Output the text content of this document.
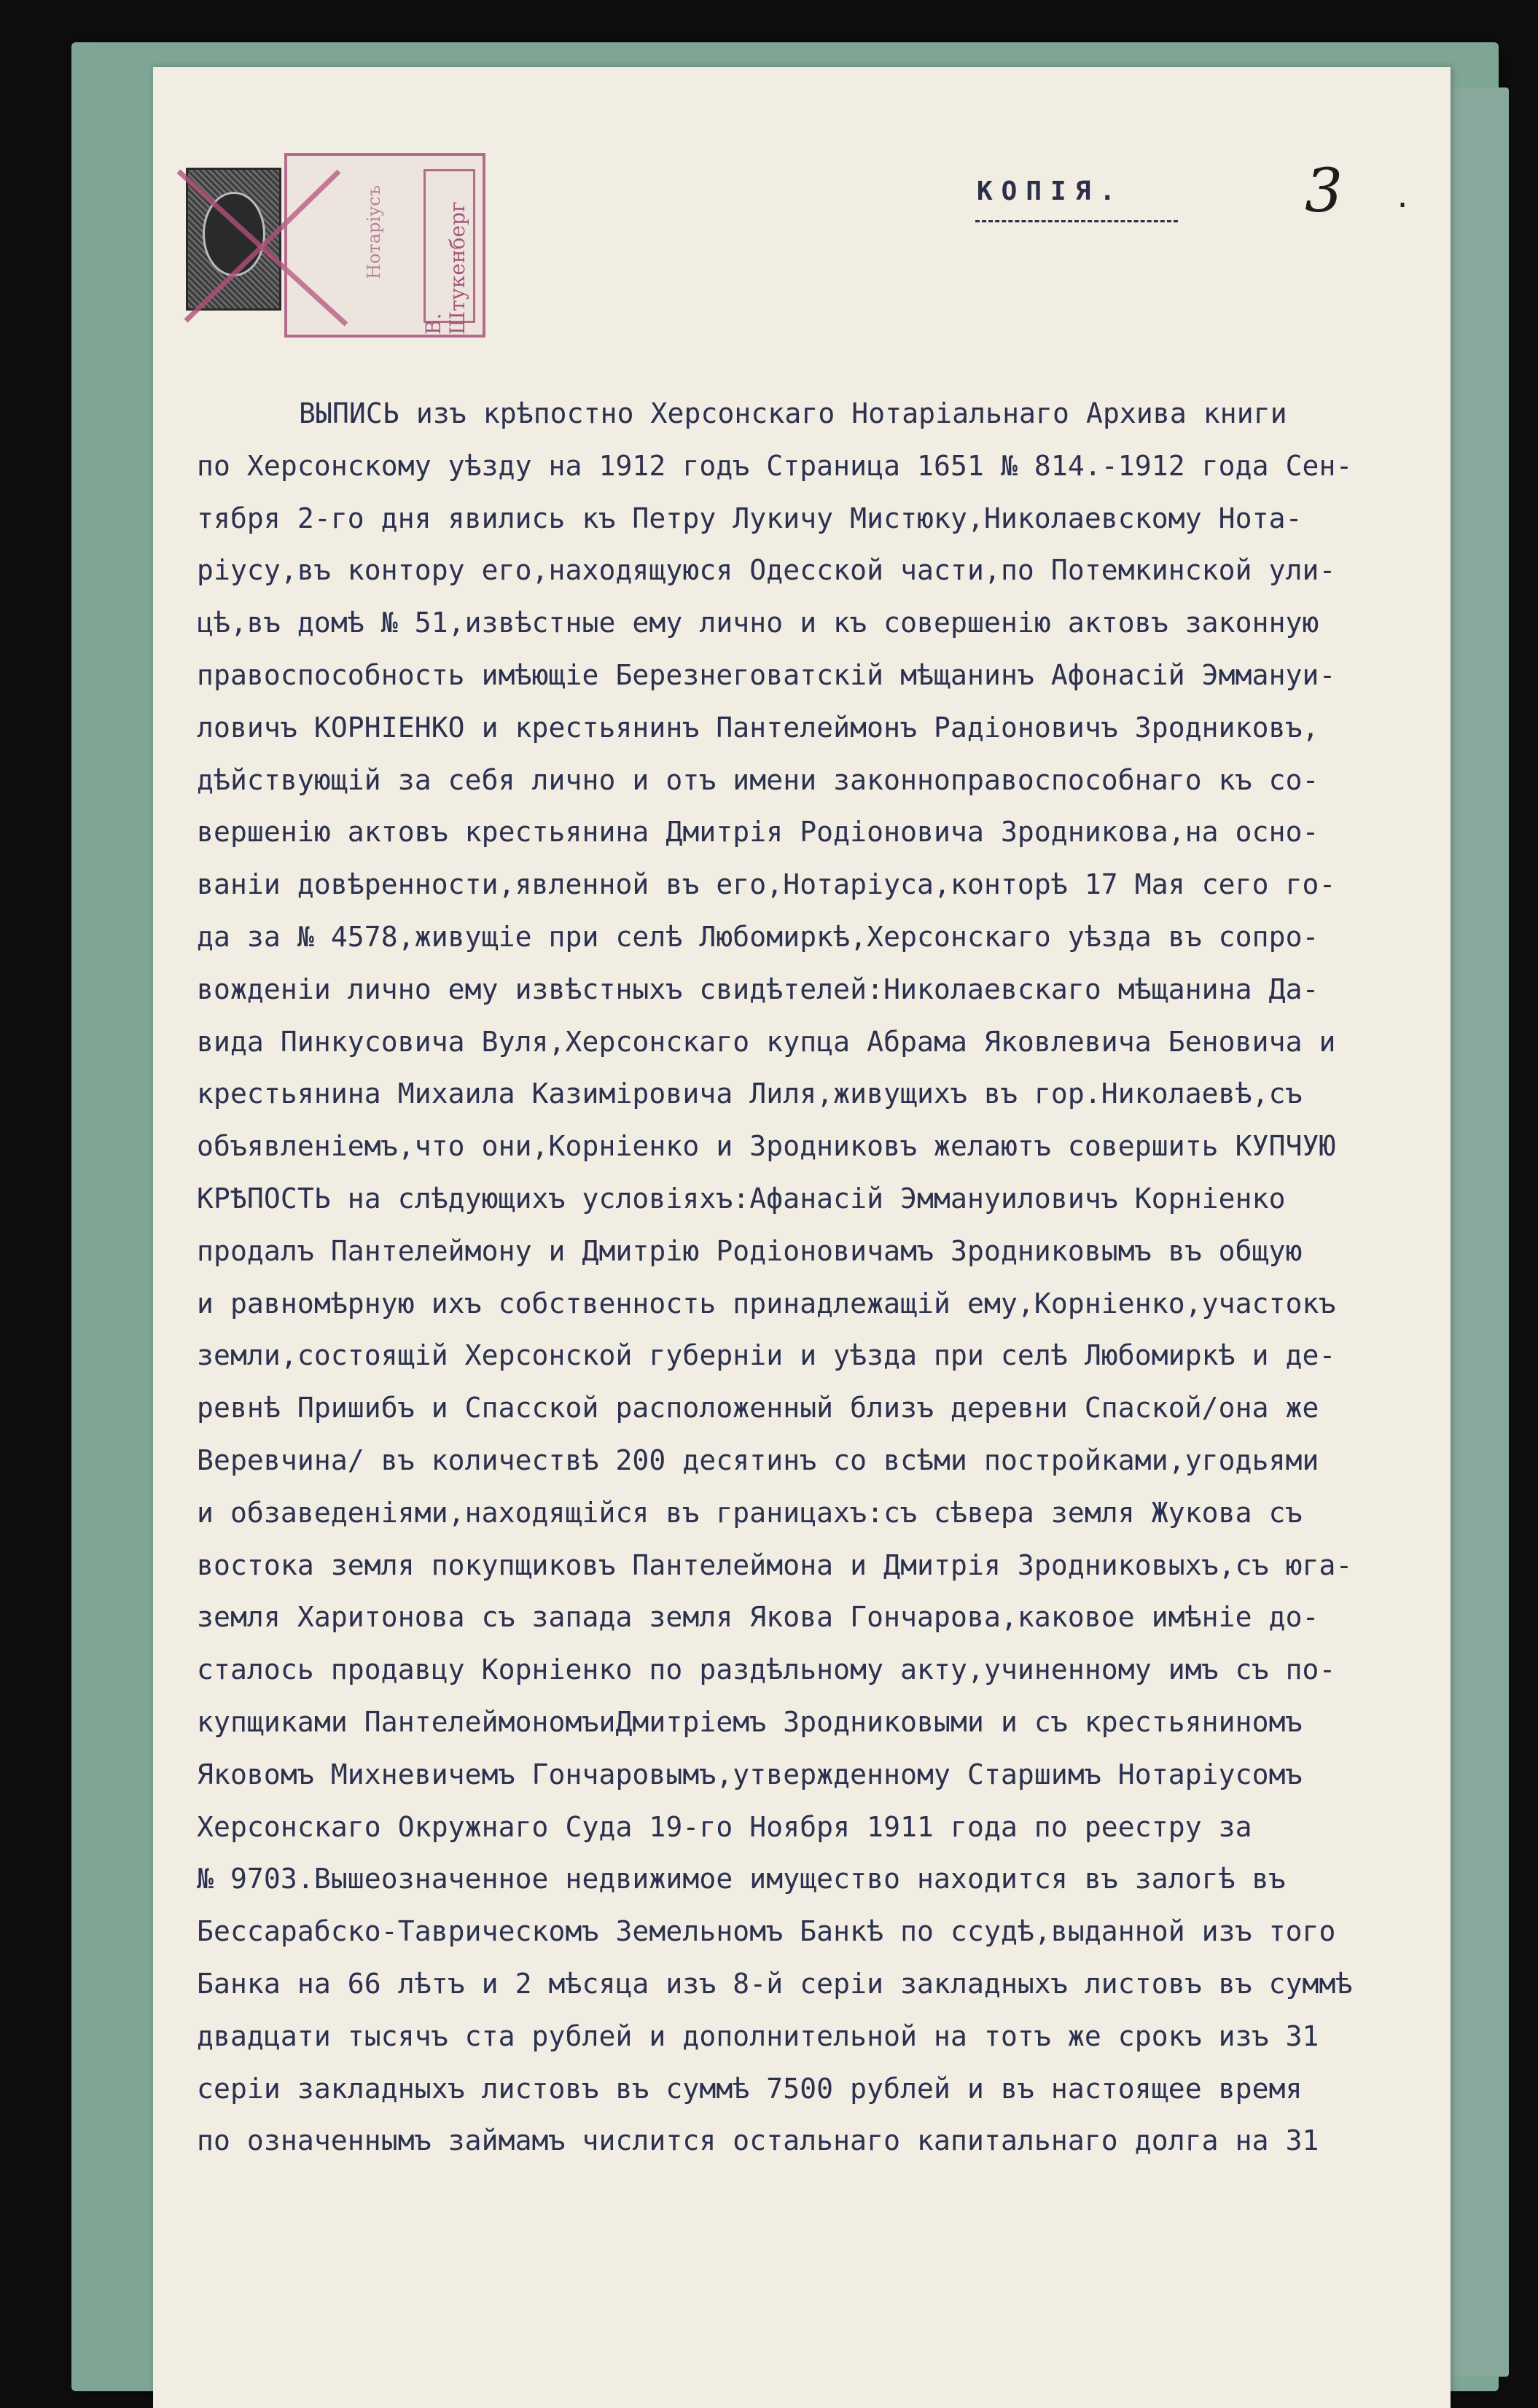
Нотаріусъ
В. Штукенберг
КОПІЯ.	3 .
ВЫПИСЬ изъ крѣпостно Херсонскаго Нотаріальнаго Архива книги
по Херсонскому уѣзду на 1912 годъ Страница 1651 № 814.-1912 года Сен-
тября 2-го дня явились къ Петру Лукичу Мистюку,Николаевскому Нота-
ріусу,въ контору его,находящуюся Одесской части,по Потемкинской ули-
цѣ,въ домѣ № 51,извѣстные ему лично и къ совершенію актовъ законную
правоспособность имѣющіе Березнеговатскій мѣщанинъ Афонасій Эммануи-
ловичъ КОРНІЕНКО и крестьянинъ Пантелеймонъ Радіоновичъ Зродниковъ,
дѣйствующій за себя лично и отъ имени законноправоспособнаго къ со-
вершенію актовъ крестьянина Дмитрія Родіоновича Зродникова,на осно-
ваніи довѣренности,явленной въ его,Нотаріуса,конторѣ 17 Мая сего го-
да за № 4578,живущіе при селѣ Любомиркѣ,Херсонскаго уѣзда въ сопро-
вожденіи лично ему извѣстныхъ свидѣтелей:Николаевскаго мѣщанина Да-
вида Пинкусовича Вуля,Херсонскаго купца Абрама Яковлевича Беновича и
крестьянина Михаила Казиміровича Лиля,живущихъ въ гор.Николаевѣ,съ
объявленіемъ,что они,Корніенко и Зродниковъ желаютъ совершить КУПЧУЮ
КРѢПОСТЬ на слѣдующихъ условіяхъ:Афанасій Эммануиловичъ Корніенко
продалъ Пантелеймону и Дмитрію Родіоновичамъ Зродниковымъ въ общую
и равномѣрную ихъ собственность принадлежащій ему,Корніенко,участокъ
земли,состоящій Херсонской губерніи и уѣзда при селѣ Любомиркѣ и де-
ревнѣ Пришибъ и Спасской расположенный близъ деревни Спаской/она же
Веревчина/ въ количествѣ 200 десятинъ со всѣми постройками,угодьями
и обзаведеніями,находящійся въ границахъ:съ сѣвера земля Жукова съ
востока земля покупщиковъ Пантелеймона и Дмитрія Зродниковыхъ,съ юга-
земля Харитонова съ запада земля Якова Гончарова,каковое имѣніе до-
сталось продавцу Корніенко по раздѣльному акту,учиненному имъ съ по-
купщиками ПантелеймономъиДмитріемъ Зродниковыми и съ крестьяниномъ
Яковомъ Михневичемъ Гончаровымъ,утвержденному Старшимъ Нотаріусомъ
Херсонскаго Окружнаго Суда 19-го Ноября 1911 года по реестру за
№ 9703.Вышеозначенное недвижимое имущество находится въ залогѣ въ
Бессарабско-Таврическомъ Земельномъ Банкѣ по ссудѣ,выданной изъ того
Банка на 66 лѣтъ и 2 мѣсяца изъ 8-й серіи закладныхъ листовъ въ суммѣ
двадцати тысячъ ста рублей и дополнительной на тотъ же срокъ изъ 31
серіи закладныхъ листовъ въ суммѣ 7500 рублей и въ настоящее время
по означеннымъ займамъ числится остальнаго капитальнаго долга на 31
